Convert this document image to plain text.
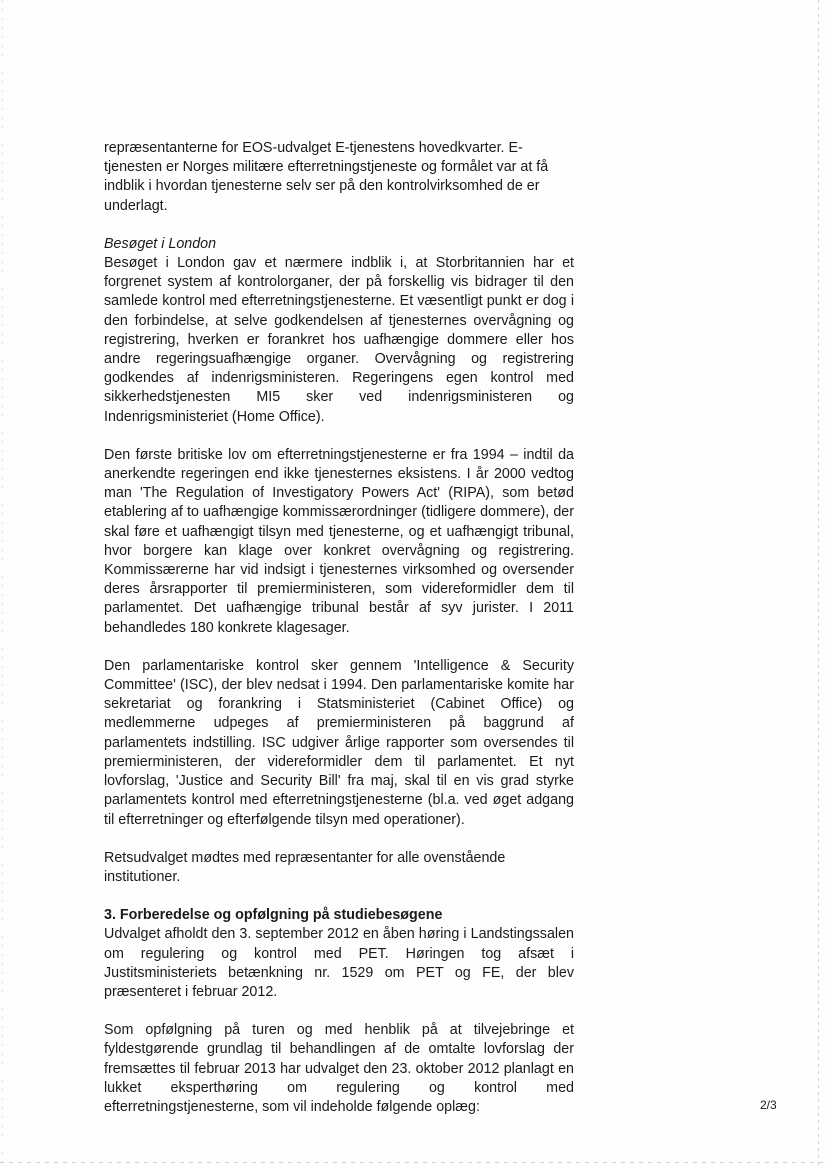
repræsentanterne for EOS-udvalget E-tjenestens hovedkvarter. E-tjenesten er Norges militære efterretningstjeneste og formålet var at få indblik i hvordan tjenesterne selv ser på den kontrolvirksomhed de er underlagt.

Besøget i London

Besøget i London gav et nærmere indblik i, at Storbritannien har et forgrenet system af kontrolorganer, der på forskellig vis bidrager til den samlede kontrol med efterretningstjenesterne. Et væsentligt punkt er dog i den forbindelse, at selve godkendelsen af tjenesternes overvågning og registrering, hverken er forankret hos uafhængige dommere eller hos andre regeringsuafhængige organer. Overvågning og registrering godkendes af indenrigsministeren. Regeringens egen kontrol med sikkerhedstjenesten MI5 sker ved indenrigsministeren og Indenrigsministeriet (Home Office).

Den første britiske lov om efterretningstjenesterne er fra 1994 – indtil da anerkendte regeringen end ikke tjenesternes eksistens. I år 2000 vedtog man 'The Regulation of Investigatory Powers Act' (RIPA), som betød etablering af to uafhængige kommissærordninger (tidligere dommere), der skal føre et uafhængigt tilsyn med tjenesterne, og et uafhængigt tribunal, hvor borgere kan klage over konkret overvågning og registrering. Kommissærerne har vid indsigt i tjenesternes virksomhed og oversender deres årsrapporter til premierministeren, som videreformidler dem til parlamentet. Det uafhængige tribunal består af syv jurister. I 2011 behandledes 180 konkrete klagesager.

Den parlamentariske kontrol sker gennem 'Intelligence & Security Committee' (ISC), der blev nedsat i 1994. Den parlamentariske komite har sekretariat og forankring i Statsministeriet (Cabinet Office) og medlemmerne udpeges af premierministeren på baggrund af parlamentets indstilling. ISC udgiver årlige rapporter som oversendes til premierministeren, der videreformidler dem til parlamentet. Et nyt lovforslag, 'Justice and Security Bill' fra maj, skal til en vis grad styrke parlamentets kontrol med efterretningstjenesterne (bl.a. ved øget adgang til efterretninger og efterfølgende tilsyn med operationer).

Retsudvalget mødtes med repræsentanter for alle ovenstående institutioner.

3. Forberedelse og opfølgning på studiebesøgene

Udvalget afholdt den 3. september 2012 en åben høring i Landstingssalen om regulering og kontrol med PET. Høringen tog afsæt i Justitsministeriets betænkning nr. 1529 om PET og FE, der blev præsenteret i februar 2012.

Som opfølgning på turen og med henblik på at tilvejebringe et fyldestgørende grundlag til behandlingen af de omtalte lovforslag der fremsættes til februar 2013 har udvalget den 23. oktober 2012 planlagt en lukket eksperthøring om regulering og kontrol med efterretningstjenesterne, som vil indeholde følgende oplæg:	2/3
